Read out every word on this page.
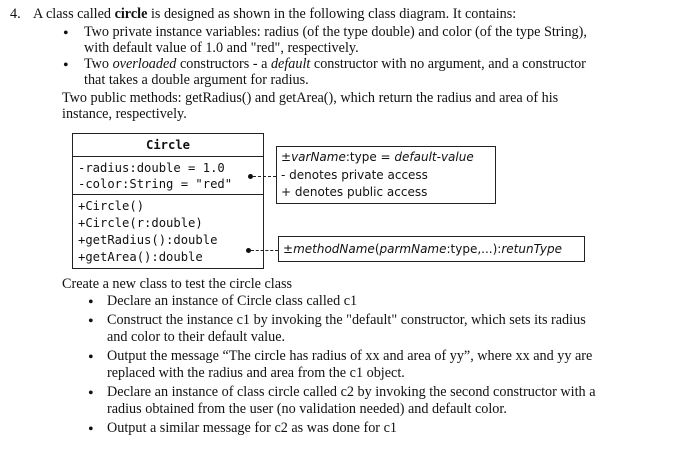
4. A class called circle is designed as shown in the following class diagram. It contains:
• Two private instance variables: radius (of the type double) and color (of the type String),
with default value of 1.0 and "red", respectively.
• Two overloaded constructors - a default constructor with no argument, and a constructor
that takes a double argument for radius.
Two public methods: getRadius() and getArea(), which return the radius and area of his
instance, respectively.
Circle
-radius:double = 1.0
-color:String = "red"
+Circle()
+Circle(r:double)
+getRadius():double
+getArea():double
±varName:type = default-value
- denotes private access
+ denotes public access
±methodName(parmName:type,...):retunType
Create a new class to test the circle class
• Declare an instance of Circle class called c1
• Construct the instance c1 by invoking the "default" constructor, which sets its radius
and color to their default value.
• Output the message “The circle has radius of xx and area of yy”, where xx and yy are
replaced with the radius and area from the c1 object.
• Declare an instance of class circle called c2 by invoking the second constructor with a
radius obtained from the user (no validation needed) and default color.
• Output a similar message for c2 as was done for c1
